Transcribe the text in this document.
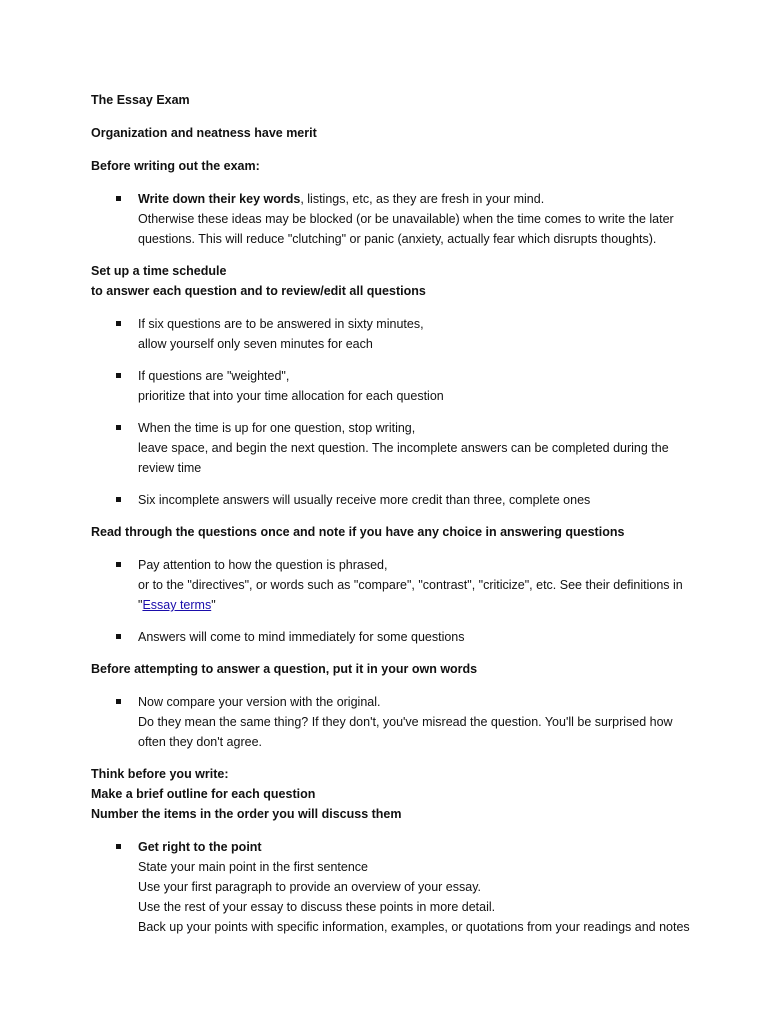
The Essay Exam

Organization and neatness have merit

Before writing out the exam:

Write down their key words, listings, etc, as they are fresh in your mind.
Otherwise these ideas may be blocked (or be unavailable) when the time comes to write the later questions. This will reduce "clutching" or panic (anxiety, actually fear which disrupts thoughts).

Set up a time schedule
to answer each question and to review/edit all questions

If six questions are to be answered in sixty minutes,
allow yourself only seven minutes for each
If questions are "weighted",
prioritize that into your time allocation for each question
When the time is up for one question, stop writing,
leave space, and begin the next question. The incomplete answers can be completed during the review time
Six incomplete answers will usually receive more credit than three, complete ones

Read through the questions once and note if you have any choice in answering questions

Pay attention to how the question is phrased,
or to the "directives", or words such as "compare", "contrast", "criticize", etc. See their definitions in "Essay terms"
Answers will come to mind immediately for some questions

Before attempting to answer a question, put it in your own words

Now compare your version with the original.
Do they mean the same thing? If they don't, you've misread the question. You'll be surprised how often they don't agree.

Think before you write:
Make a brief outline for each question
Number the items in the order you will discuss them

Get right to the point
State your main point in the first sentence
Use your first paragraph to provide an overview of your essay.
Use the rest of your essay to discuss these points in more detail.
Back up your points with specific information, examples, or quotations from your readings and notes
